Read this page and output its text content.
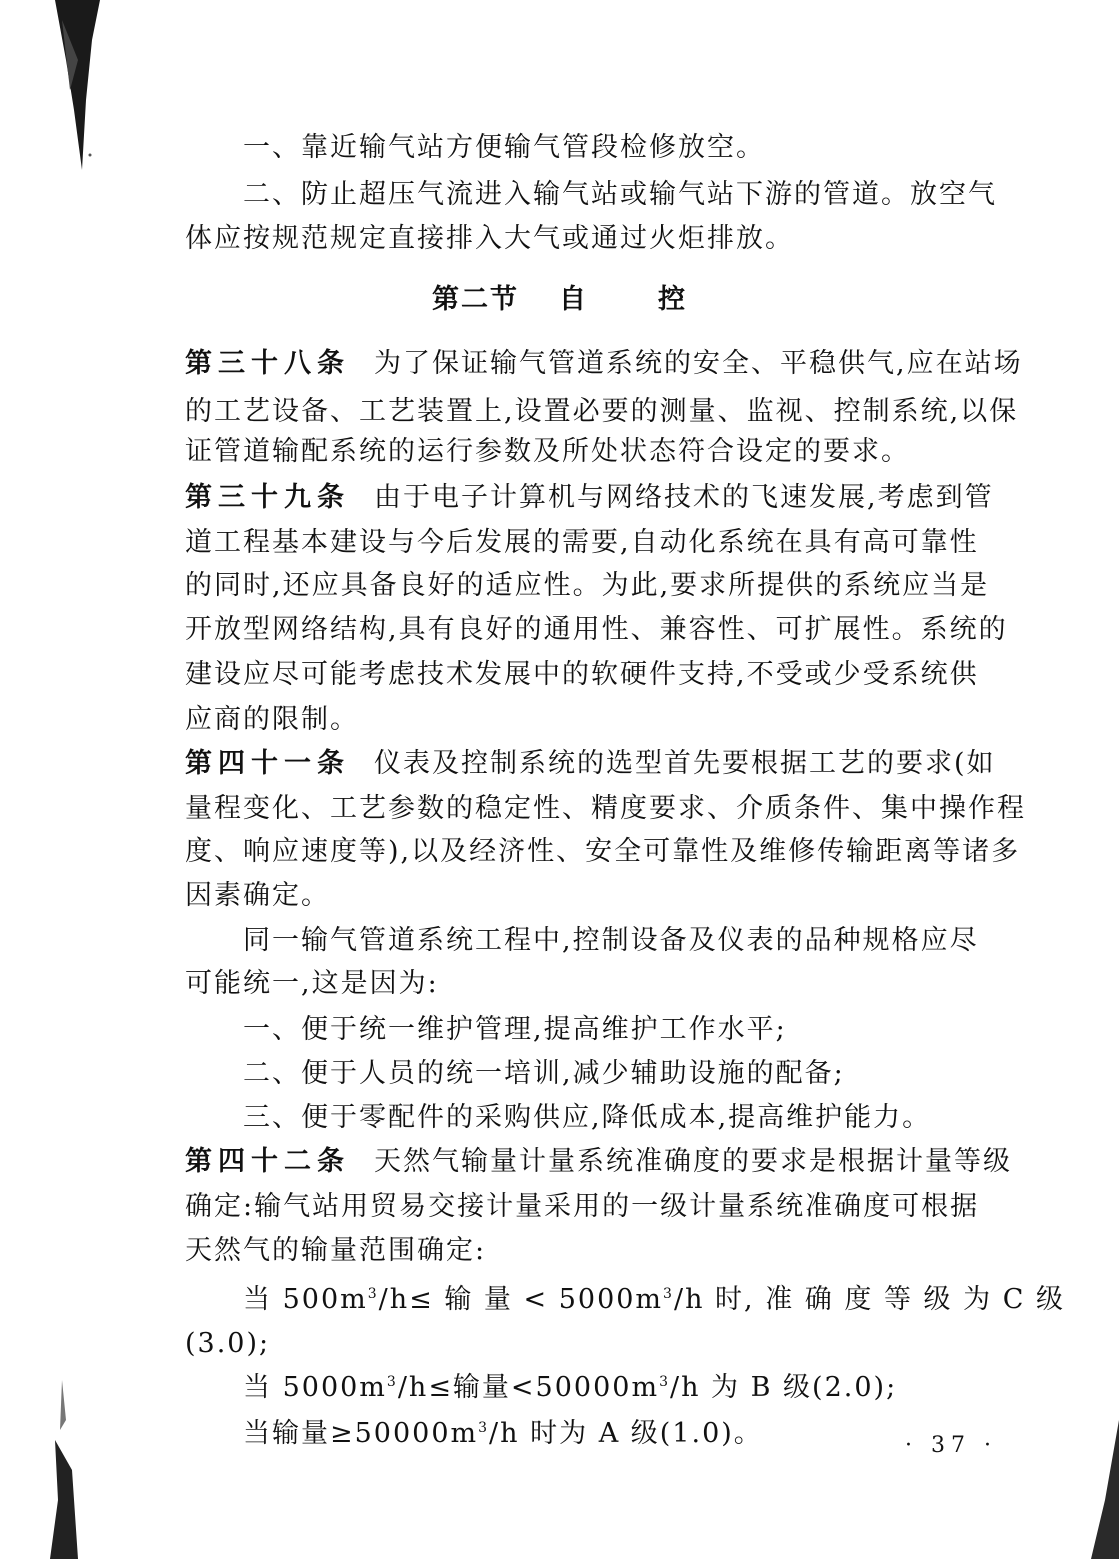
一、靠近输气站方便输气管段检修放空。
二、防止超压气流进入输气站或输气站下游的管道。放空气
体应按规范规定直接排入大气或通过火炬排放。
第二节 自	控
第三十八条 为了保证输气管道系统的安全、平稳供气,应在站场
的工艺设备、工艺装置上,设置必要的测量、监视、控制系统,以保
证管道输配系统的运行参数及所处状态符合设定的要求。
第三十九条 由于电子计算机与网络技术的飞速发展,考虑到管
道工程基本建设与今后发展的需要,自动化系统在具有高可靠性
的同时,还应具备良好的适应性。为此,要求所提供的系统应当是
开放型网络结构,具有良好的通用性、兼容性、可扩展性。系统的
建设应尽可能考虑技术发展中的软硬件支持,不受或少受系统供
应商的限制。
第四十一条 仪表及控制系统的选型首先要根据工艺的要求(如
量程变化、工艺参数的稳定性、精度要求、介质条件、集中操作程
度、响应速度等),以及经济性、安全可靠性及维修传输距离等诸多
因素确定。
同一输气管道系统工程中,控制设备及仪表的品种规格应尽
可能统一,这是因为:
一、便于统一维护管理,提高维护工作水平;
二、便于人员的统一培训,减少辅助设施的配备;
三、便于零配件的采购供应,降低成本,提高维护能力。
第四十二条 天然气输量计量系统准确度的要求是根据计量等级
确定:输气站用贸易交接计量采用的一级计量系统准确度可根据
天然气的输量范围确定:
当 $500m^3/h\le$ 输 量 < $5000m^3/h$ 时, 准 确 度 等 级 为 C 级
(3.0);
当 $5000m^3/h\le$输量$<50000m^3/h$ 为 B 级(2.0);
当输量$\ge 50000m^3/h$ 时为 A 级(1.0)。	· 37 ·
